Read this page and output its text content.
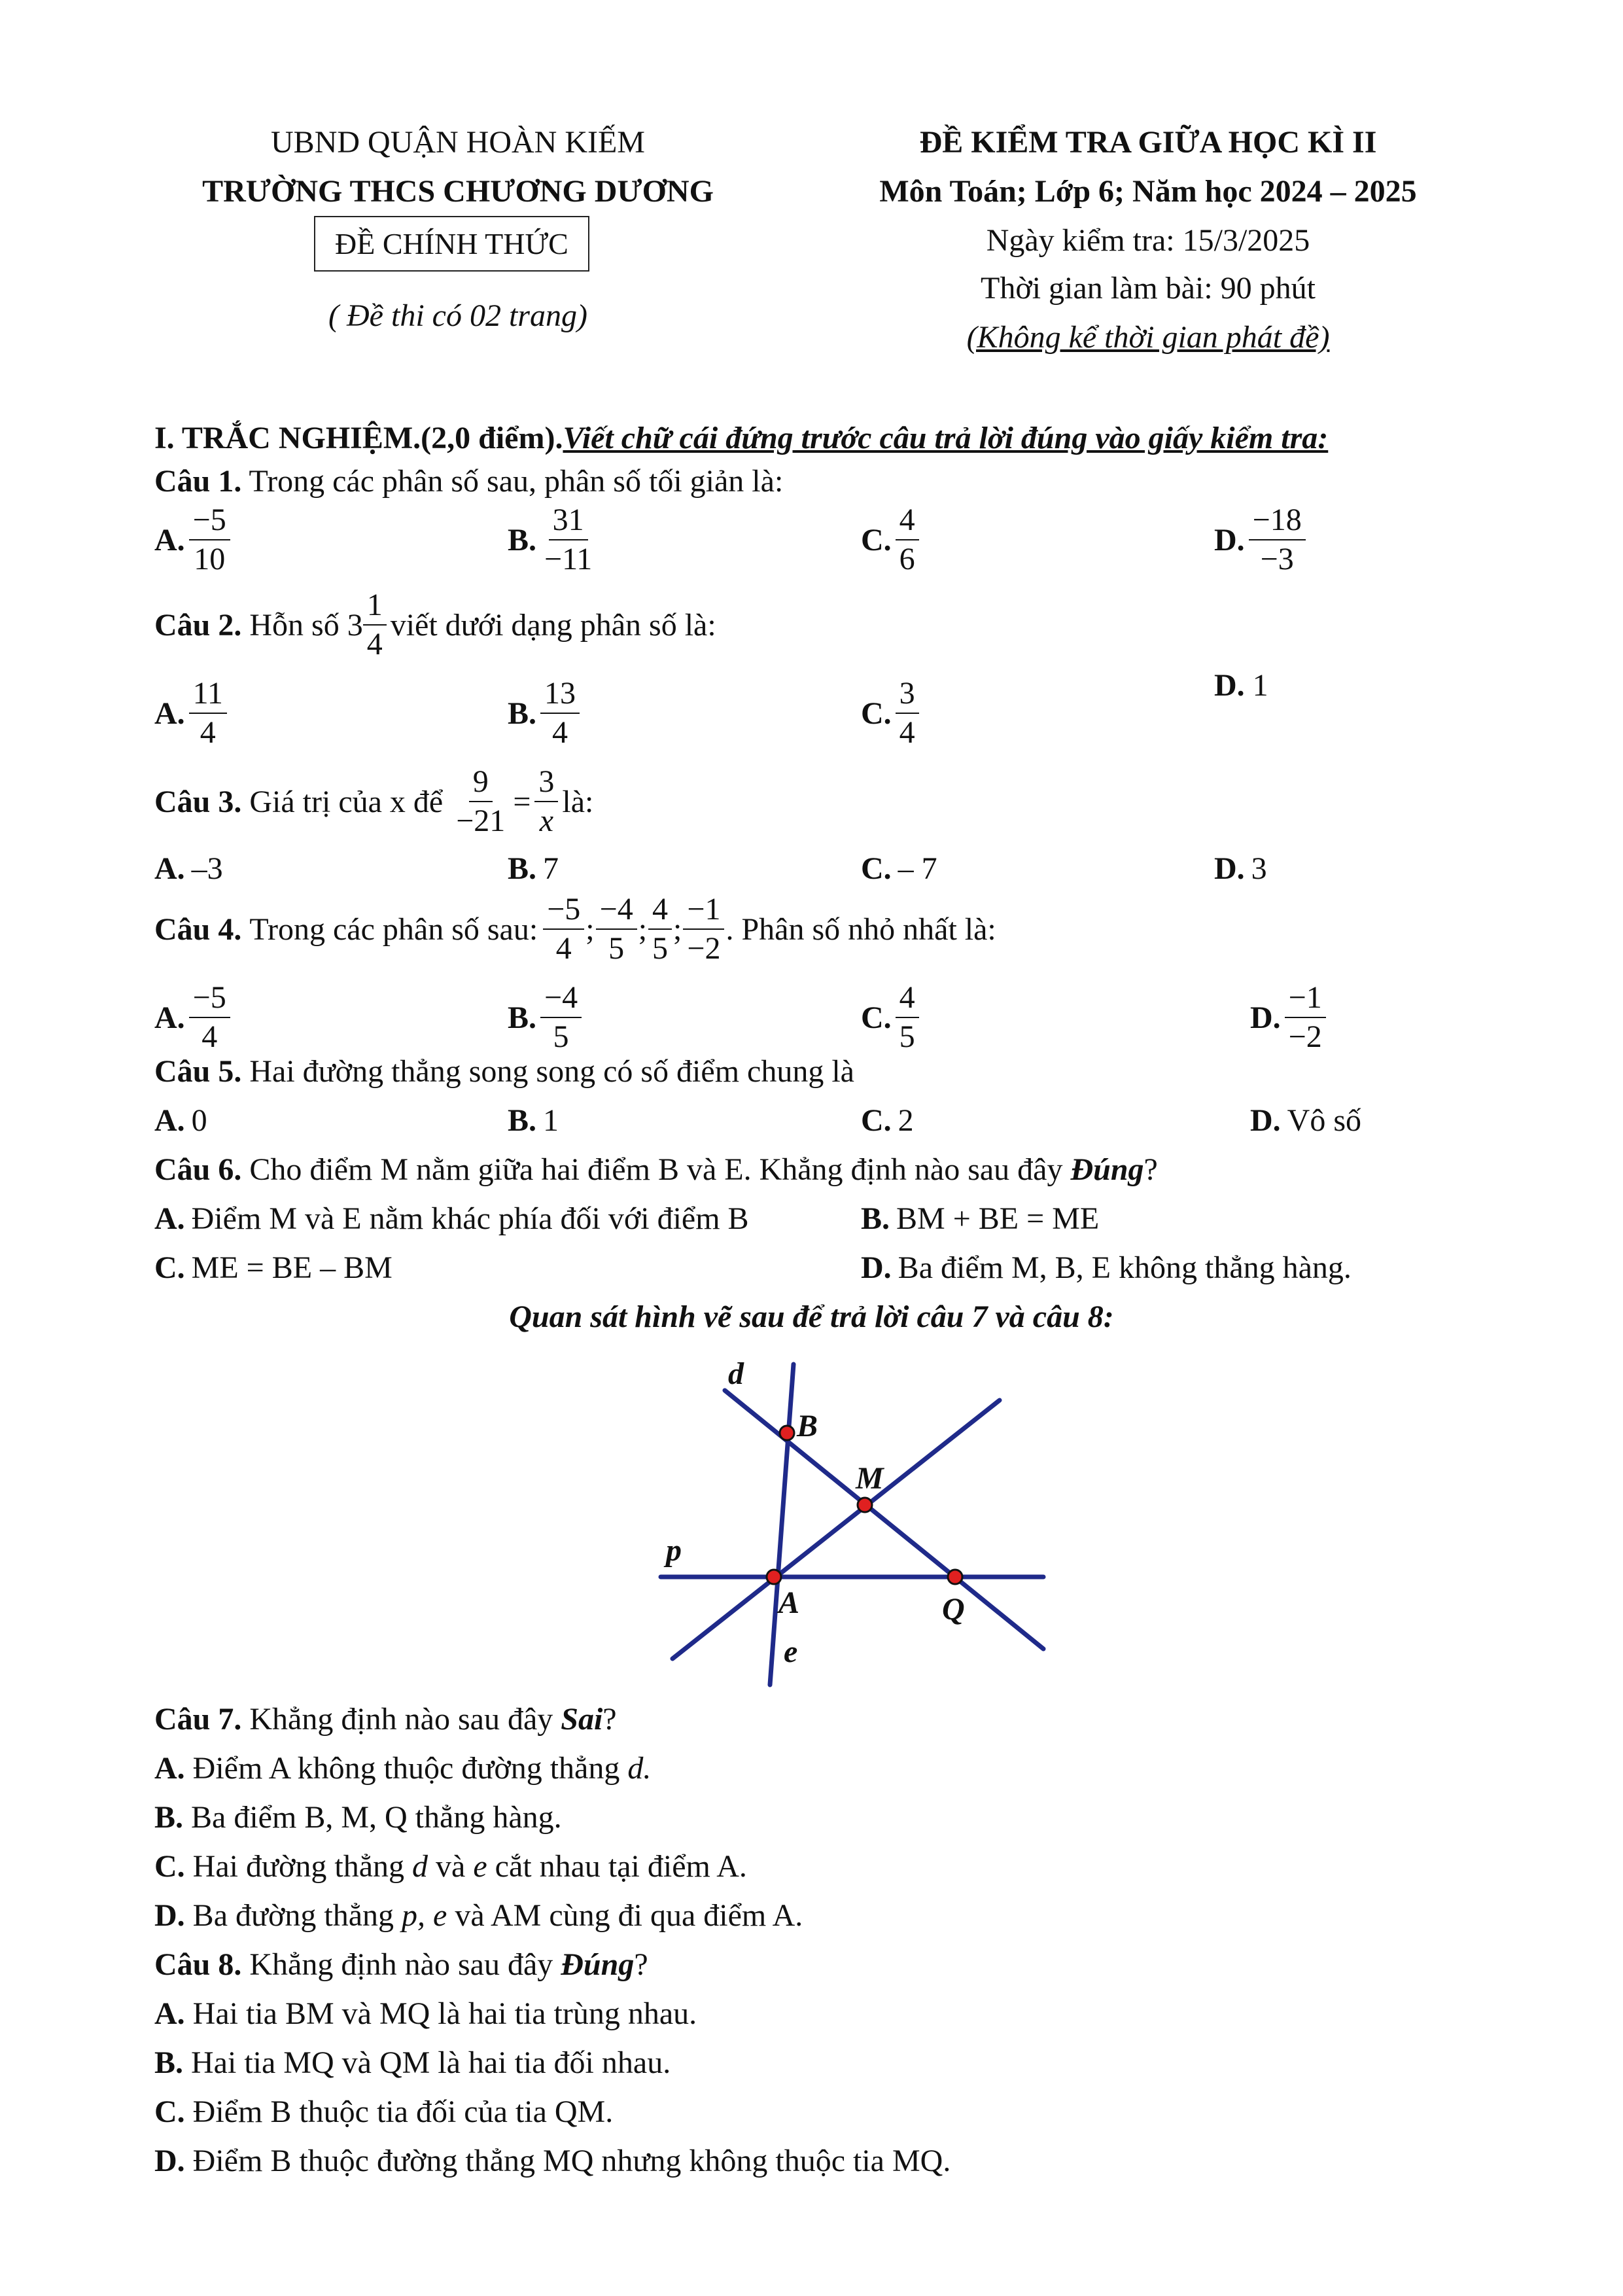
UBND QUẬN HOÀN KIẾM
TRƯỜNG THCS CHƯƠNG DƯƠNG
ĐỀ CHÍNH THỨC
( Đề thi có 02 trang)
ĐỀ KIỂM TRA GIỮA HỌC KÌ II
Môn Toán; Lớp 6; Năm học 2024 – 2025
Ngày kiểm tra: 15/3/2025
Thời gian làm bài: 90 phút
(Không kể thời gian phát đề)
I. TRẮC NGHIỆM.(2,0 điểm).Viết chữ cái đứng trước câu trả lời đúng vào giấy kiểm tra:
Câu 1. Trong các phân số sau, phân số tối giản là:
A. $\frac{-5}{10}$	B. $\frac{31}{-11}$	C. $\frac{4}{6}$	D. $\frac{-18}{-3}$
Câu 2. Hỗn số $3 \frac{1}{4}$ viết dưới dạng phân số là:
A. $\frac{11}{4}$	B. $\frac{13}{4}$	C. $\frac{3}{4}$	D. 1
Câu 3. Giá trị của x để $\frac{9}{-21} = \frac{3}{x}$ là:
A. –3	B. 7	C. – 7	D. 3
Câu 4. Trong các phân số sau: $\frac{-5}{4}$ ; $\frac{-4}{5}$ ; $\frac{4}{5}$ ; $\frac{-1}{-2}$ . Phân số nhỏ nhất là:
A. $\frac{-5}{4}$	B. $\frac{-4}{5}$	C. $\frac{4}{5}$	D. $\frac{-1}{-2}$
Câu 5. Hai đường thẳng song song có số điểm chung là
A. 0	B. 1	C. 2	D. Vô số
Câu 6. Cho điểm M nằm giữa hai điểm B và E. Khẳng định nào sau đây Đúng?
A. Điểm M và E nằm khác phía đối với điểm B	B. BM + BE = ME
C. ME = BE – BM	D. Ba điểm M, B, E không thẳng hàng.
Quan sát hình vẽ sau để trả lời câu 7 và câu 8:
d
B
M
p
A	Q
e
Câu 7. Khẳng định nào sau đây Sai?
A. Điểm A không thuộc đường thẳng d.
B. Ba điểm B, M, Q thẳng hàng.
C. Hai đường thẳng d và e cắt nhau tại điểm A.
D. Ba đường thẳng p, e và AM cùng đi qua điểm A.
Câu 8. Khẳng định nào sau đây Đúng?
A. Hai tia BM và MQ là hai tia trùng nhau.
B. Hai tia MQ và QM là hai tia đối nhau.
C. Điểm B thuộc tia đối của tia QM.
D. Điểm B thuộc đường thẳng MQ nhưng không thuộc tia MQ.
